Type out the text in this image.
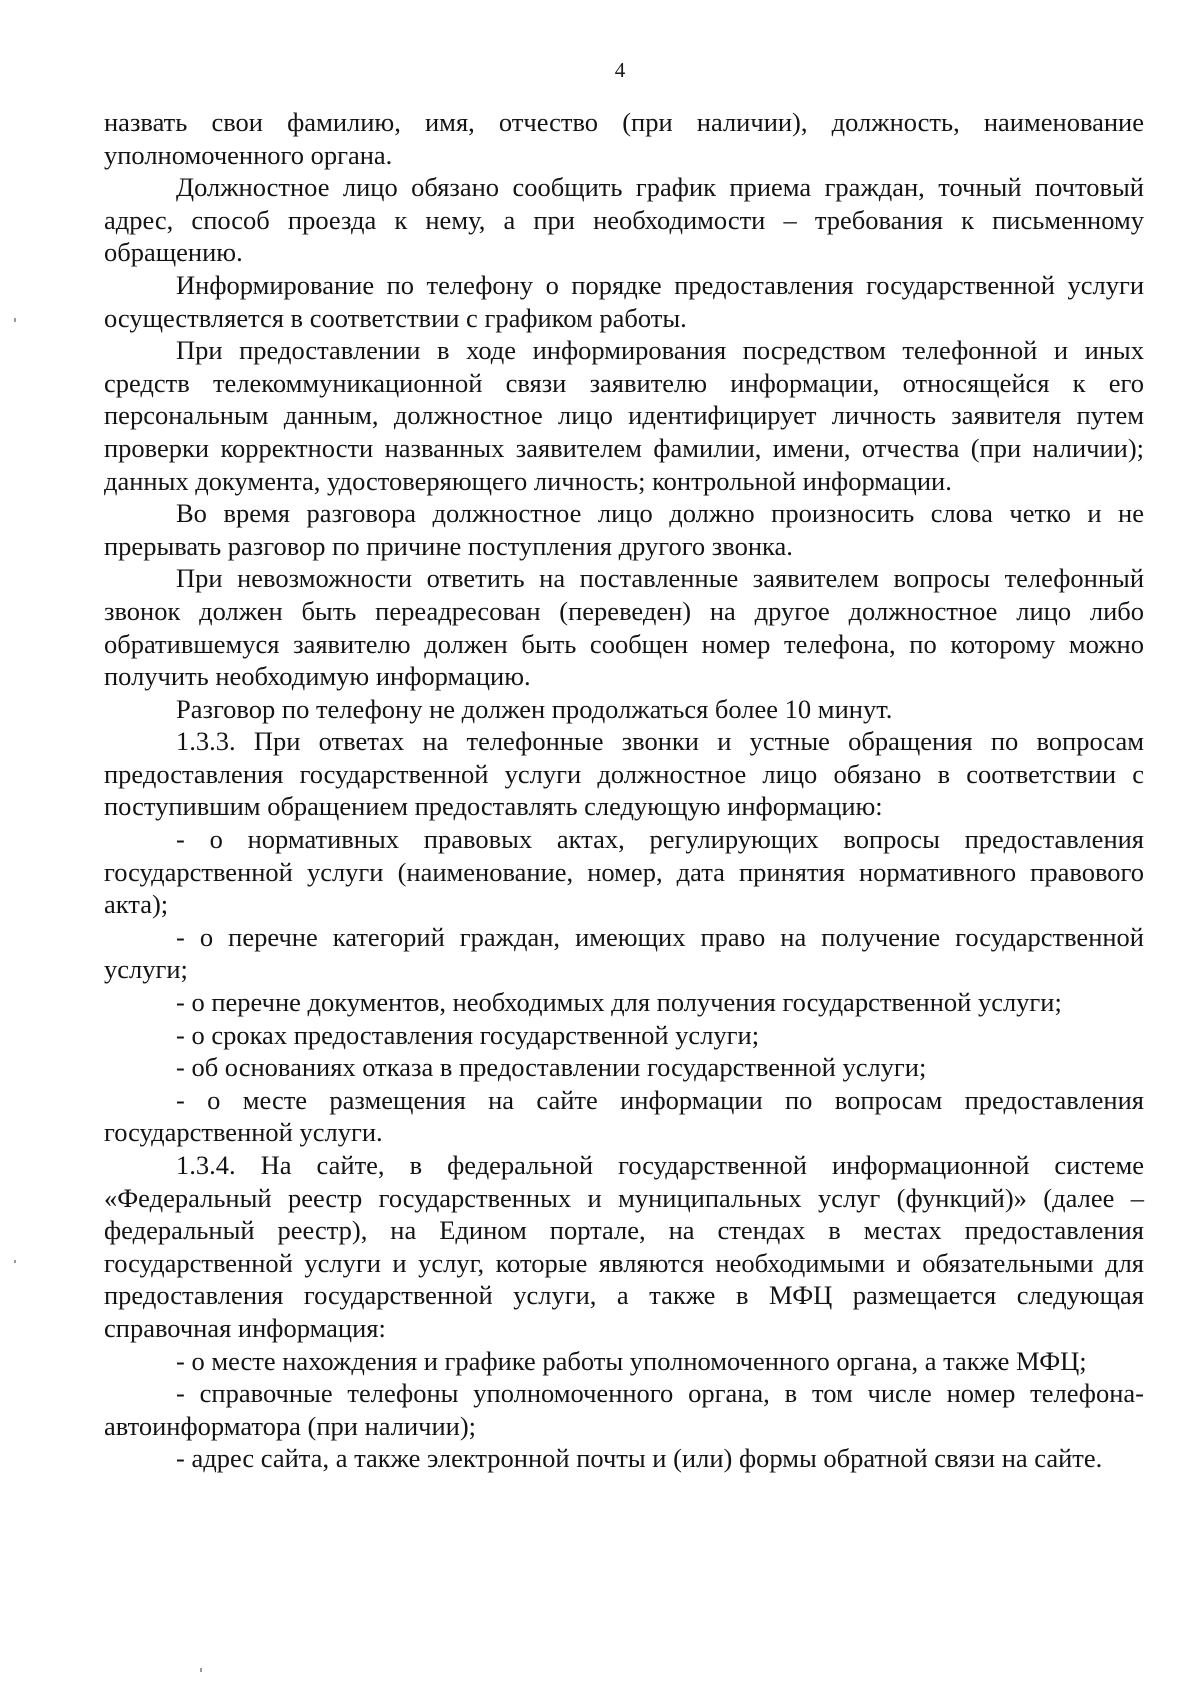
4

назвать свои фамилию, имя, отчество (при наличии), должность, наименование уполномоченного органа.

Должностное лицо обязано сообщить график приема граждан, точный почтовый адрес, способ проезда к нему, а при необходимости – требования к письменному обращению.

Информирование по телефону о порядке предоставления государственной услуги осуществляется в соответствии с графиком работы.

При предоставлении в ходе информирования посредством телефонной и иных средств телекоммуникационной связи заявителю информации, относящейся к его персональным данным, должностное лицо идентифицирует личность заявителя путем проверки корректности названных заявителем фамилии, имени, отчества (при наличии); данных документа, удостоверяющего личность; контрольной информации.

Во время разговора должностное лицо должно произносить слова четко и не прерывать разговор по причине поступления другого звонка.

При невозможности ответить на поставленные заявителем вопросы телефонный звонок должен быть переадресован (переведен) на другое должностное лицо либо обратившемуся заявителю должен быть сообщен номер телефона, по которому можно получить необходимую информацию.

Разговор по телефону не должен продолжаться более 10 минут.

1.3.3. При ответах на телефонные звонки и устные обращения по вопросам предоставления государственной услуги должностное лицо обязано в соответствии с поступившим обращением предоставлять следующую информацию:

- о нормативных правовых актах, регулирующих вопросы предоставления государственной услуги (наименование, номер, дата принятия нормативного правового акта);

- о перечне категорий граждан, имеющих право на получение государственной услуги;

- о перечне документов, необходимых для получения государственной услуги;

- о сроках предоставления государственной услуги;

- об основаниях отказа в предоставлении государственной услуги;

- о месте размещения на сайте информации по вопросам предоставления государственной услуги.

1.3.4. На сайте, в федеральной государственной информационной системе «Федеральный реестр государственных и муниципальных услуг (функций)» (далее – федеральный реестр), на Едином портале, на стендах в местах предоставления государственной услуги и услуг, которые являются необходимыми и обязательными для предоставления государственной услуги, а также в МФЦ размещается следующая справочная информация:

- о месте нахождения и графике работы уполномоченного органа, а также МФЦ;

- справочные телефоны уполномоченного органа, в том числе номер телефона-автоинформатора (при наличии);

- адрес сайта, а также электронной почты и (или) формы обратной связи на сайте.
